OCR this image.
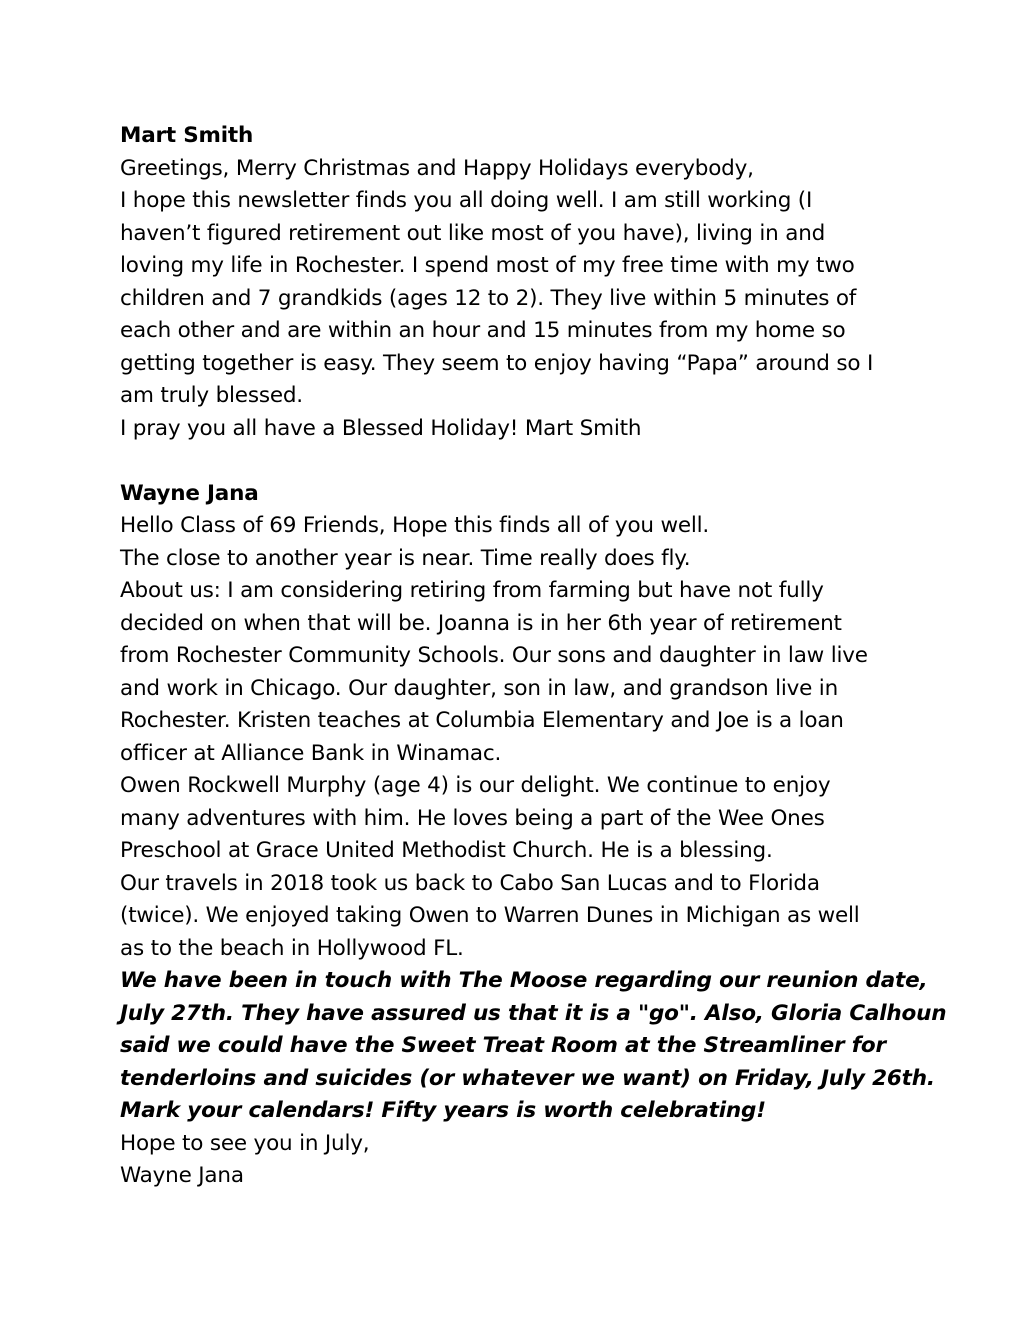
Mart Smith
Greetings, Merry Christmas and Happy Holidays everybody,
I hope this newsletter finds you all doing well. I am still working (I
haven’t figured retirement out like most of you have), living in and
loving my life in Rochester. I spend most of my free time with my two
children and 7 grandkids (ages 12 to 2). They live within 5 minutes of
each other and are within an hour and 15 minutes from my home so
getting together is easy. They seem to enjoy having “Papa” around so I
am truly blessed.
I pray you all have a Blessed Holiday! Mart Smith
Wayne Jana
Hello Class of 69 Friends, Hope this finds all of you well.
The close to another year is near. Time really does fly.
About us: I am considering retiring from farming but have not fully
decided on when that will be. Joanna is in her 6th year of retirement
from Rochester Community Schools. Our sons and daughter in law live
and work in Chicago. Our daughter, son in law, and grandson live in
Rochester. Kristen teaches at Columbia Elementary and Joe is a loan
officer at Alliance Bank in Winamac.
Owen Rockwell Murphy (age 4) is our delight. We continue to enjoy
many adventures with him. He loves being a part of the Wee Ones
Preschool at Grace United Methodist Church. He is a blessing.
Our travels in 2018 took us back to Cabo San Lucas and to Florida
(twice). We enjoyed taking Owen to Warren Dunes in Michigan as well
as to the beach in Hollywood FL.
We have been in touch with The Moose regarding our reunion date,
July 27th. They have assured us that it is a "go". Also, Gloria Calhoun
said we could have the Sweet Treat Room at the Streamliner for
tenderloins and suicides (or whatever we want) on Friday, July 26th.
Mark your calendars! Fifty years is worth celebrating!
Hope to see you in July,
Wayne Jana
